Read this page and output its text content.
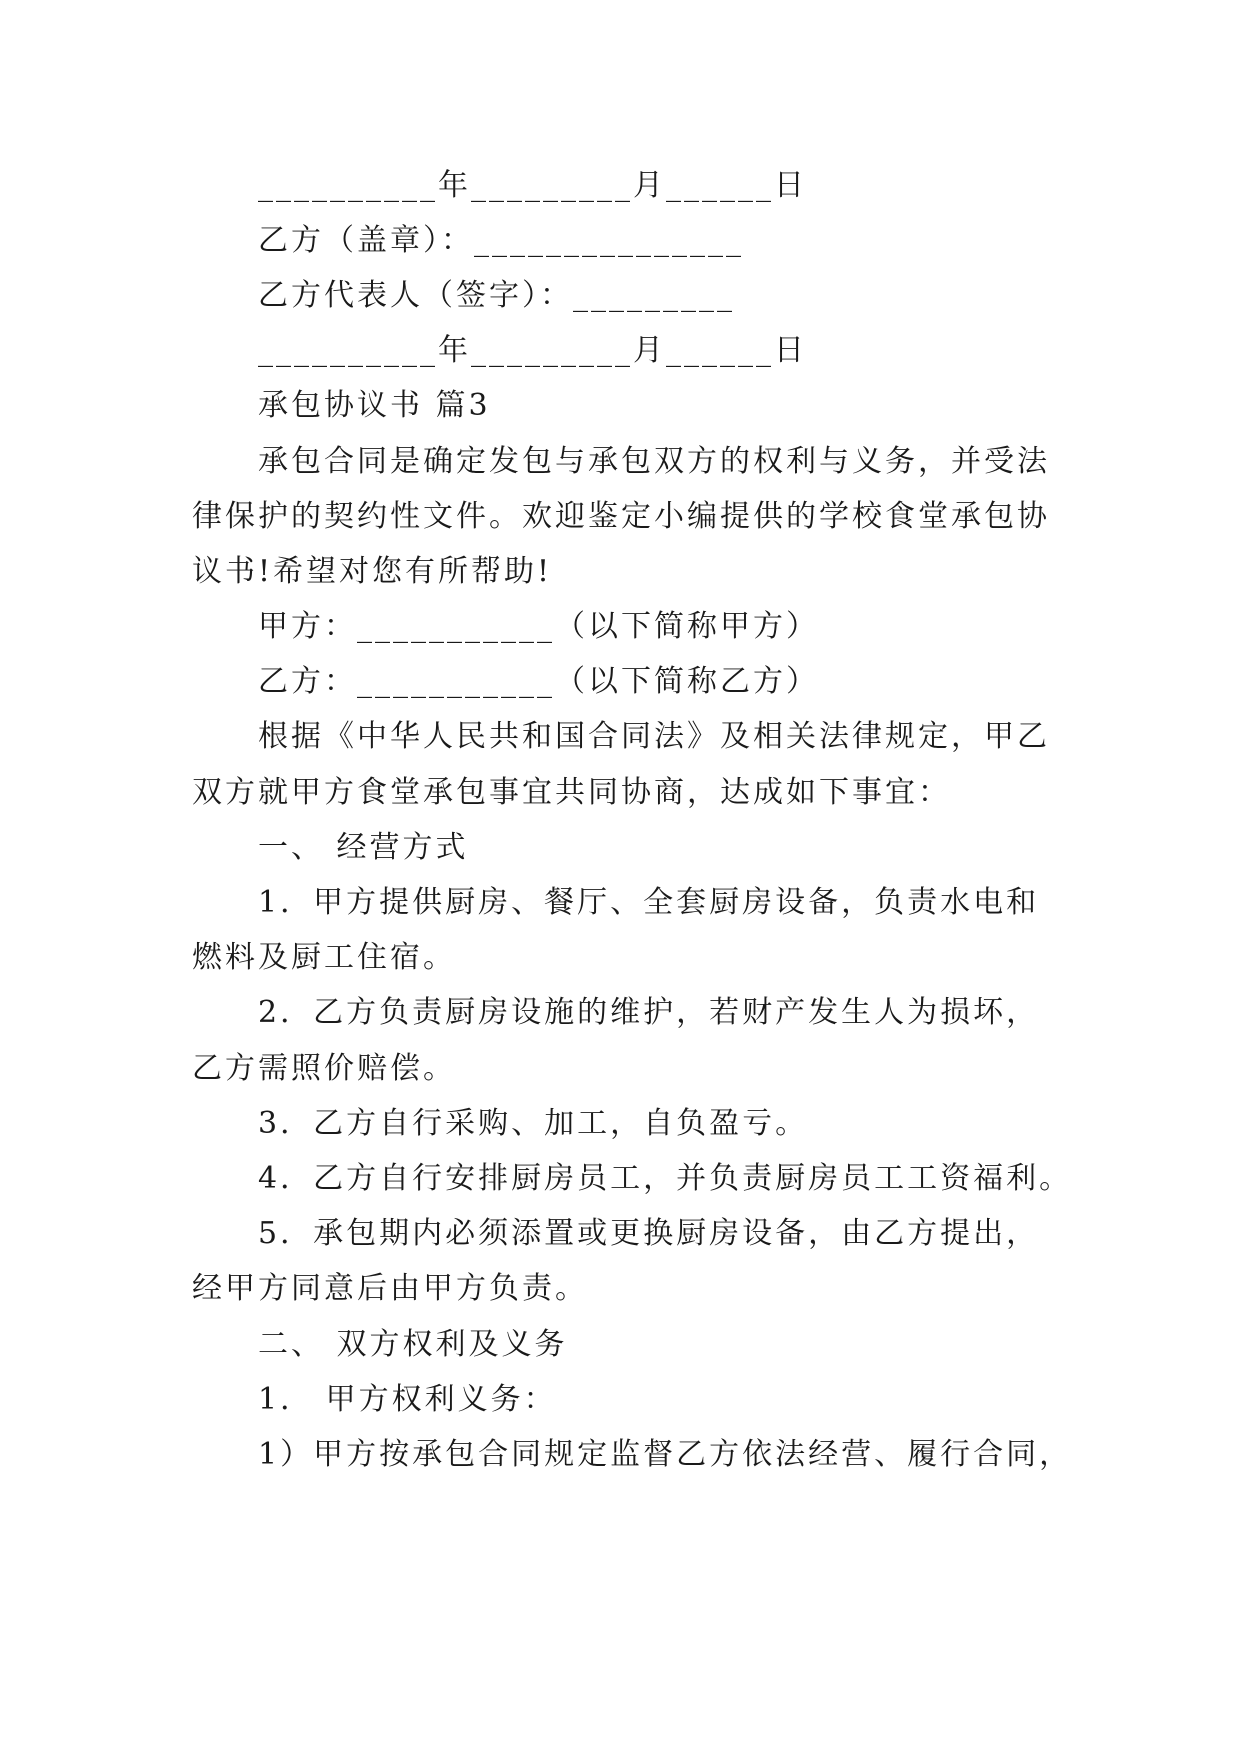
__________年_________月______日
乙方（盖章）：_______________
乙方代表人（签字）：_________
__________年_________月______日
承包协议书 篇3
承包合同是确定发包与承包双方的权利与义务，并受法
律保护的契约性文件。欢迎鉴定小编提供的学校食堂承包协
议书!希望对您有所帮助!
甲方：___________（以下简称甲方）
乙方：___________（以下简称乙方）
根据《中华人民共和国合同法》及相关法律规定，甲乙
双方就甲方食堂承包事宜共同协商，达成如下事宜：
一、 经营方式
1．甲方提供厨房、餐厅、全套厨房设备，负责水电和
燃料及厨工住宿。
2．乙方负责厨房设施的维护，若财产发生人为损坏，
乙方需照价赔偿。
3．乙方自行采购、加工，自负盈亏。
4．乙方自行安排厨房员工，并负责厨房员工工资福利。
5．承包期内必须添置或更换厨房设备，由乙方提出，
经甲方同意后由甲方负责。
二、 双方权利及义务
1． 甲方权利义务：
1）甲方按承包合同规定监督乙方依法经营、履行合同，
